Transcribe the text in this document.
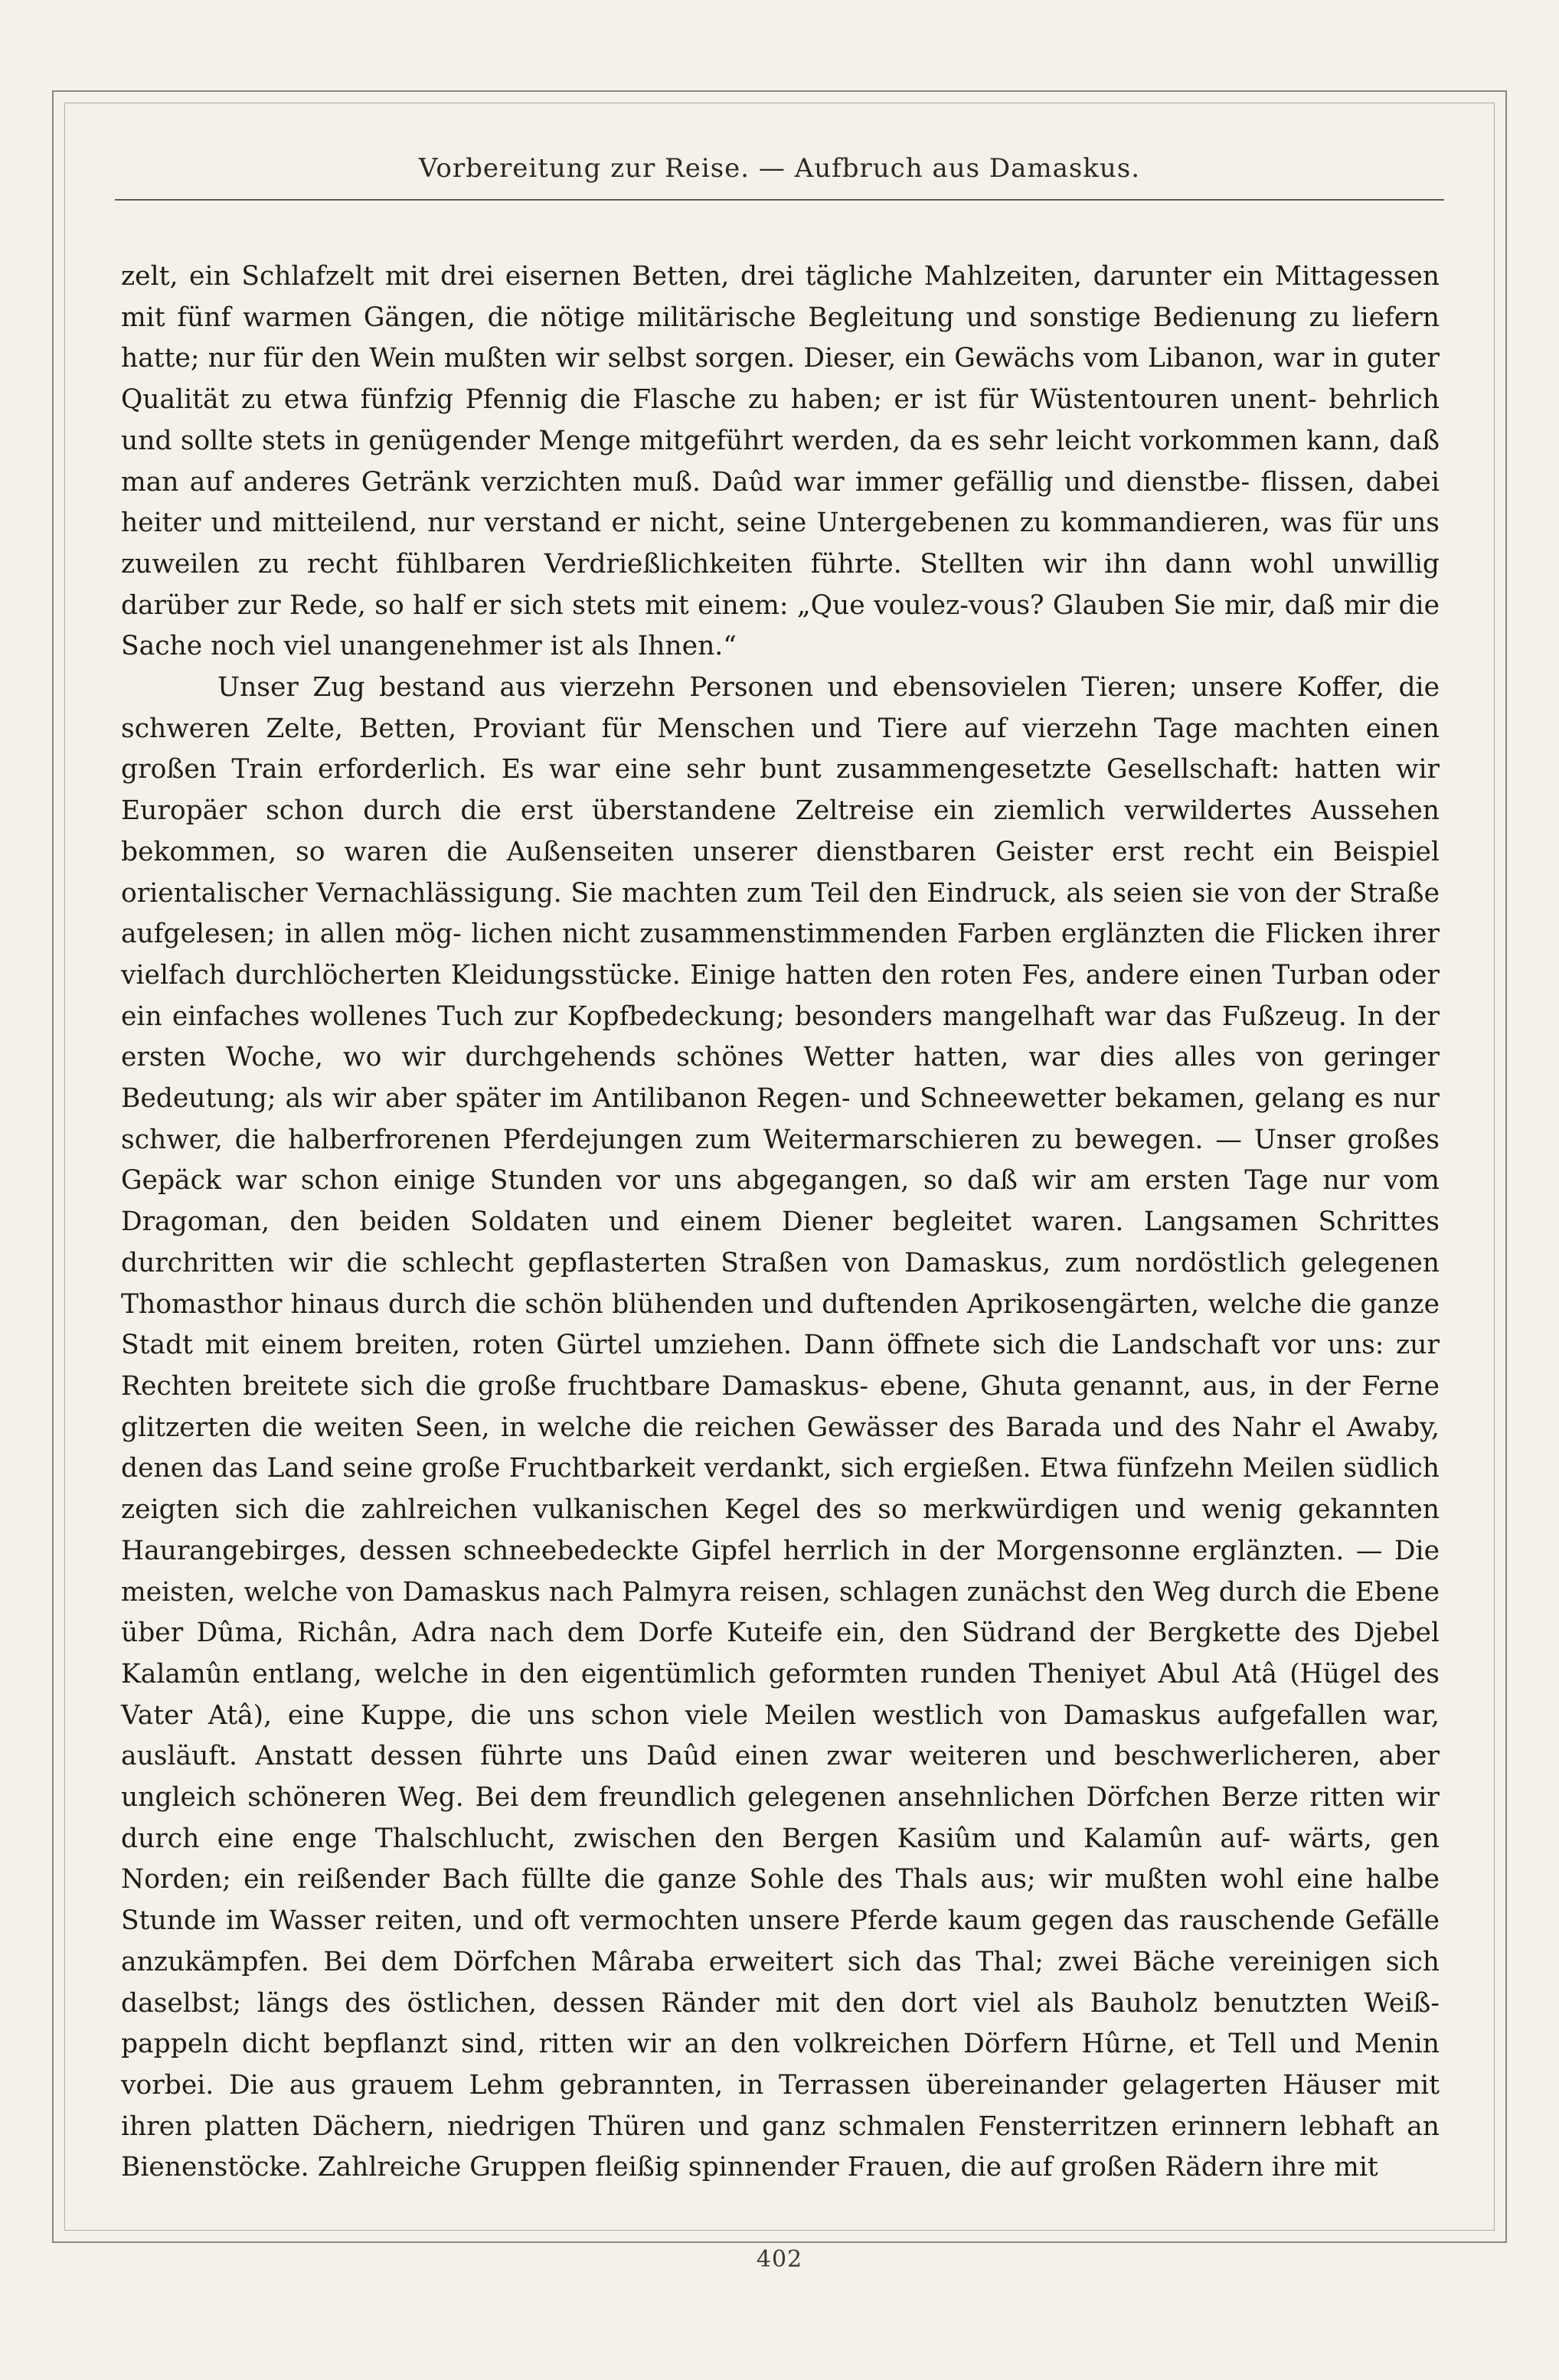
Vorbereitung zur Reise. — Aufbruch aus Damaskus.

zelt, ein Schlafzelt mit drei eisernen Betten, drei tägliche Mahlzeiten, darunter ein Mittagessen mit fünf warmen Gängen, die nötige militärische Begleitung und sonstige Bedienung zu liefern hatte; nur für den Wein mußten wir selbst sorgen. Dieser, ein Gewächs vom Libanon, war in guter Qualität zu etwa fünfzig Pfennig die Flasche zu haben; er ist für Wüstentouren unent- behrlich und sollte stets in genügender Menge mitgeführt werden, da es sehr leicht vorkommen kann, daß man auf anderes Getränk verzichten muß. Daûd war immer gefällig und dienstbe- flissen, dabei heiter und mitteilend, nur verstand er nicht, seine Untergebenen zu kommandieren, was für uns zuweilen zu recht fühlbaren Verdrießlichkeiten führte. Stellten wir ihn dann wohl unwillig darüber zur Rede, so half er sich stets mit einem: „Que voulez-vous? Glauben Sie mir, daß mir die Sache noch viel unangenehmer ist als Ihnen.“

Unser Zug bestand aus vierzehn Personen und ebensovielen Tieren; unsere Koffer, die schweren Zelte, Betten, Proviant für Menschen und Tiere auf vierzehn Tage machten einen großen Train erforderlich. Es war eine sehr bunt zusammengesetzte Gesellschaft: hatten wir Europäer schon durch die erst überstandene Zeltreise ein ziemlich verwildertes Aussehen bekommen, so waren die Außenseiten unserer dienstbaren Geister erst recht ein Beispiel orientalischer Vernachlässigung. Sie machten zum Teil den Eindruck, als seien sie von der Straße aufgelesen; in allen mög- lichen nicht zusammenstimmenden Farben erglänzten die Flicken ihrer vielfach durchlöcherten Kleidungsstücke. Einige hatten den roten Fes, andere einen Turban oder ein einfaches wollenes Tuch zur Kopfbedeckung; besonders mangelhaft war das Fußzeug. In der ersten Woche, wo wir durchgehends schönes Wetter hatten, war dies alles von geringer Bedeutung; als wir aber später im Antilibanon Regen- und Schneewetter bekamen, gelang es nur schwer, die halberfrorenen Pferdejungen zum Weitermarschieren zu bewegen. — Unser großes Gepäck war schon einige Stunden vor uns abgegangen, so daß wir am ersten Tage nur vom Dragoman, den beiden Soldaten und einem Diener begleitet waren. Langsamen Schrittes durchritten wir die schlecht gepflasterten Straßen von Damaskus, zum nordöstlich gelegenen Thomasthor hinaus durch die schön blühenden und duftenden Aprikosengärten, welche die ganze Stadt mit einem breiten, roten Gürtel umziehen. Dann öffnete sich die Landschaft vor uns: zur Rechten breitete sich die große fruchtbare Damaskus- ebene, Ghuta genannt, aus, in der Ferne glitzerten die weiten Seen, in welche die reichen Gewässer des Barada und des Nahr el Awaby, denen das Land seine große Fruchtbarkeit verdankt, sich ergießen. Etwa fünfzehn Meilen südlich zeigten sich die zahlreichen vulkanischen Kegel des so merkwürdigen und wenig gekannten Haurangebirges, dessen schneebedeckte Gipfel herrlich in der Morgensonne erglänzten. — Die meisten, welche von Damaskus nach Palmyra reisen, schlagen zunächst den Weg durch die Ebene über Dûma, Richân, Adra nach dem Dorfe Kuteife ein, den Südrand der Bergkette des Djebel Kalamûn entlang, welche in den eigentümlich geformten runden Theniyet Abul Atâ (Hügel des Vater Atâ), eine Kuppe, die uns schon viele Meilen westlich von Damaskus aufgefallen war, ausläuft. Anstatt dessen führte uns Daûd einen zwar weiteren und beschwerlicheren, aber ungleich schöneren Weg. Bei dem freundlich gelegenen ansehnlichen Dörfchen Berze ritten wir durch eine enge Thalschlucht, zwischen den Bergen Kasiûm und Kalamûn auf- wärts, gen Norden; ein reißender Bach füllte die ganze Sohle des Thals aus; wir mußten wohl eine halbe Stunde im Wasser reiten, und oft vermochten unsere Pferde kaum gegen das rauschende Gefälle anzukämpfen. Bei dem Dörfchen Mâraba erweitert sich das Thal; zwei Bäche vereinigen sich daselbst; längs des östlichen, dessen Ränder mit den dort viel als Bauholz benutzten Weiß- pappeln dicht bepflanzt sind, ritten wir an den volkreichen Dörfern Hûrne, et Tell und Menin vorbei. Die aus grauem Lehm gebrannten, in Terrassen übereinander gelagerten Häuser mit ihren platten Dächern, niedrigen Thüren und ganz schmalen Fensterritzen erinnern lebhaft an Bienenstöcke. Zahlreiche Gruppen fleißig spinnender Frauen, die auf großen Rädern ihre mit

402
